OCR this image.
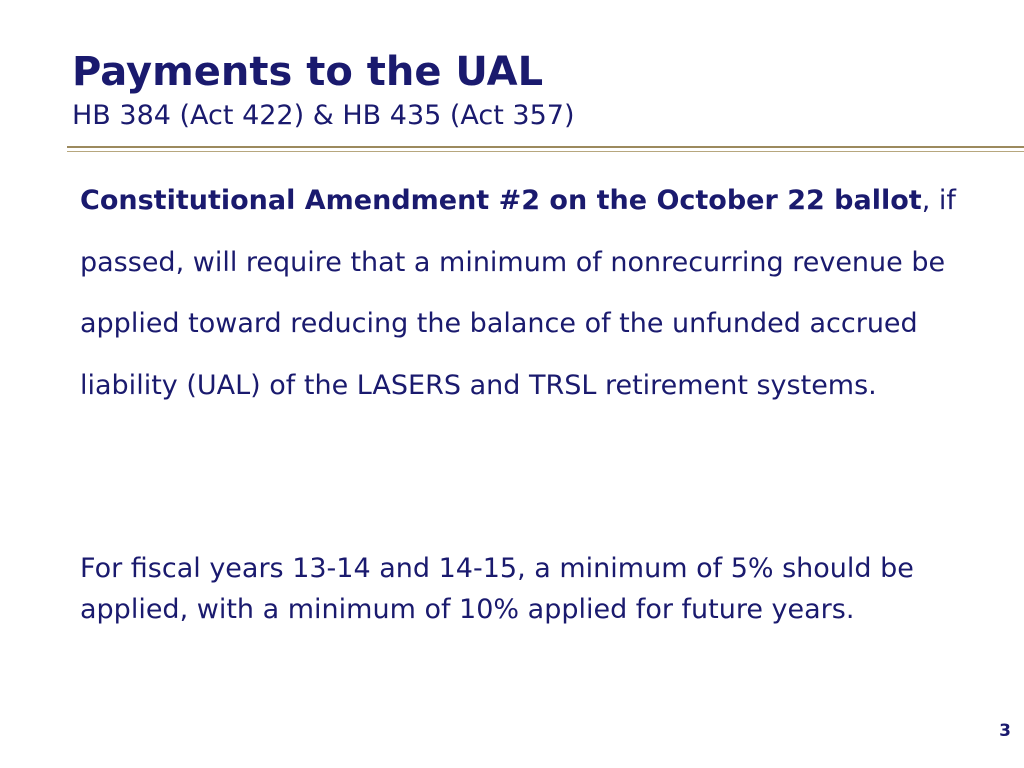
Payments to the UAL
HB 384 (Act 422) & HB 435 (Act 357)

Constitutional Amendment #2 on the October 22 ballot, if passed, will require that a minimum of nonrecurring revenue be applied toward reducing the balance of the unfunded accrued liability (UAL) of the LASERS and TRSL retirement systems.

For fiscal years 13-14 and 14-15, a minimum of 5% should be applied, with a minimum of 10% applied for future years.

3
